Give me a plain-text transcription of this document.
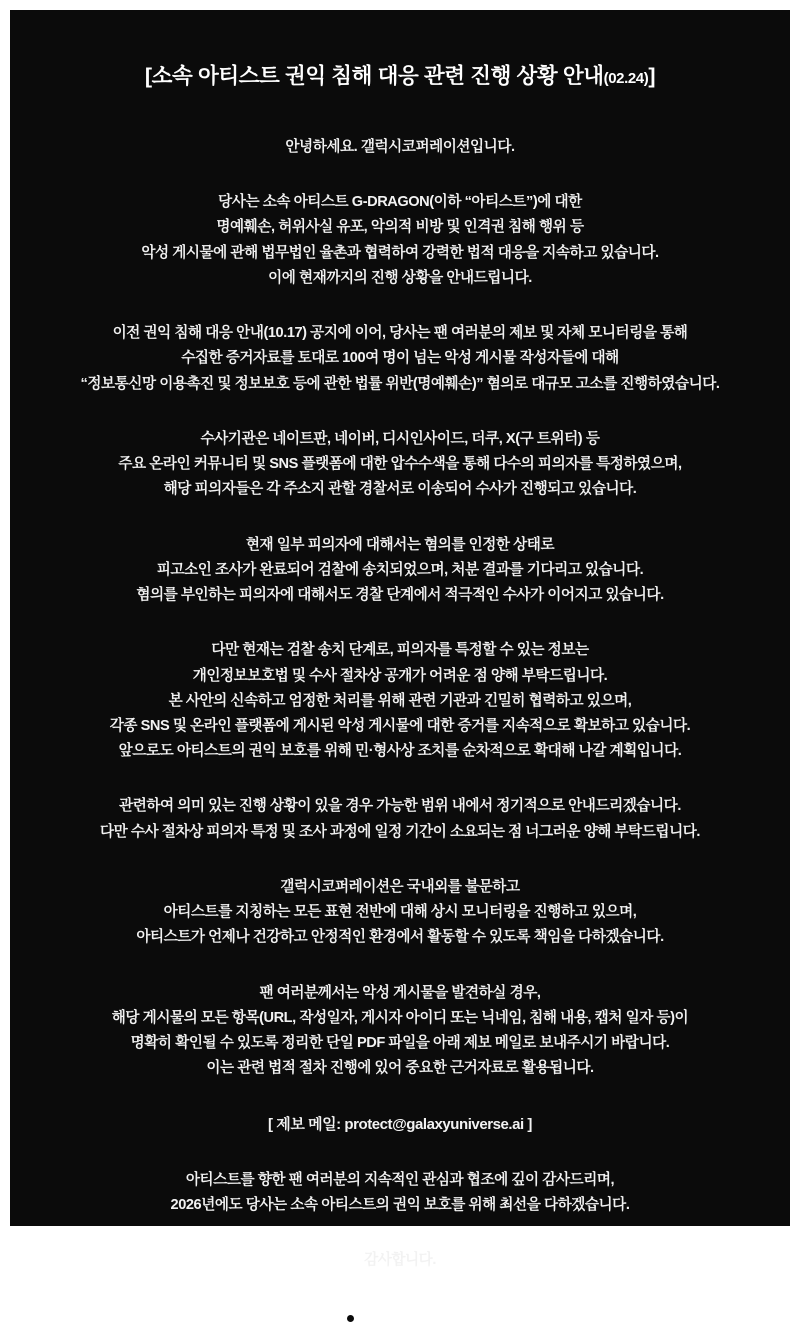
[소속 아티스트 권익 침해 대응 관련 진행 상황 안내(02.24)]

안녕하세요. 갤럭시코퍼레이션입니다.

당사는 소속 아티스트 G-DRAGON(이하 “아티스트”)에 대한

명예훼손, 허위사실 유포, 악의적 비방 및 인격권 침해 행위 등

악성 게시물에 관해 법무법인 율촌과 협력하여 강력한 법적 대응을 지속하고 있습니다.

이에 현재까지의 진행 상황을 안내드립니다.

이전 권익 침해 대응 안내(10.17) 공지에 이어, 당사는 팬 여러분의 제보 및 자체 모니터링을 통해

수집한 증거자료를 토대로 100여 명이 넘는 악성 게시물 작성자들에 대해

“정보통신망 이용촉진 및 정보보호 등에 관한 법률 위반(명예훼손)” 혐의로 대규모 고소를 진행하였습니다.

수사기관은 네이트판, 네이버, 디시인사이드, 더쿠, X(구 트위터) 등

주요 온라인 커뮤니티 및 SNS 플랫폼에 대한 압수수색을 통해 다수의 피의자를 특정하였으며,

해당 피의자들은 각 주소지 관할 경찰서로 이송되어 수사가 진행되고 있습니다.

현재 일부 피의자에 대해서는 혐의를 인정한 상태로

피고소인 조사가 완료되어 검찰에 송치되었으며, 처분 결과를 기다리고 있습니다.

혐의를 부인하는 피의자에 대해서도 경찰 단계에서 적극적인 수사가 이어지고 있습니다.

다만 현재는 검찰 송치 단계로, 피의자를 특정할 수 있는 정보는

개인정보보호법 및 수사 절차상 공개가 어려운 점 양해 부탁드립니다.

본 사안의 신속하고 엄정한 처리를 위해 관련 기관과 긴밀히 협력하고 있으며,

각종 SNS 및 온라인 플랫폼에 게시된 악성 게시물에 대한 증거를 지속적으로 확보하고 있습니다.

앞으로도 아티스트의 권익 보호를 위해 민·형사상 조치를 순차적으로 확대해 나갈 계획입니다.

관련하여 의미 있는 진행 상황이 있을 경우 가능한 범위 내에서 정기적으로 안내드리겠습니다.

다만 수사 절차상 피의자 특정 및 조사 과정에 일정 기간이 소요되는 점 너그러운 양해 부탁드립니다.

갤럭시코퍼레이션은 국내외를 불문하고

아티스트를 지칭하는 모든 표현 전반에 대해 상시 모니터링을 진행하고 있으며,

아티스트가 언제나 건강하고 안정적인 환경에서 활동할 수 있도록 책임을 다하겠습니다.

팬 여러분께서는 악성 게시물을 발견하실 경우,

해당 게시물의 모든 항목(URL, 작성일자, 게시자 아이디 또는 닉네임, 침해 내용, 캡처 일자 등)이

명확히 확인될 수 있도록 정리한 단일 PDF 파일을 아래 제보 메일로 보내주시기 바랍니다.

이는 관련 법적 절차 진행에 있어 중요한 근거자료로 활용됩니다.

[ 제보 메일: protect@galaxyuniverse.ai ]

아티스트를 향한 팬 여러분의 지속적인 관심과 협조에 깊이 감사드리며,

2026년에도 당사는 소속 아티스트의 권익 보호를 위해 최선을 다하겠습니다.

감사합니다.

GALAXY CORP.
